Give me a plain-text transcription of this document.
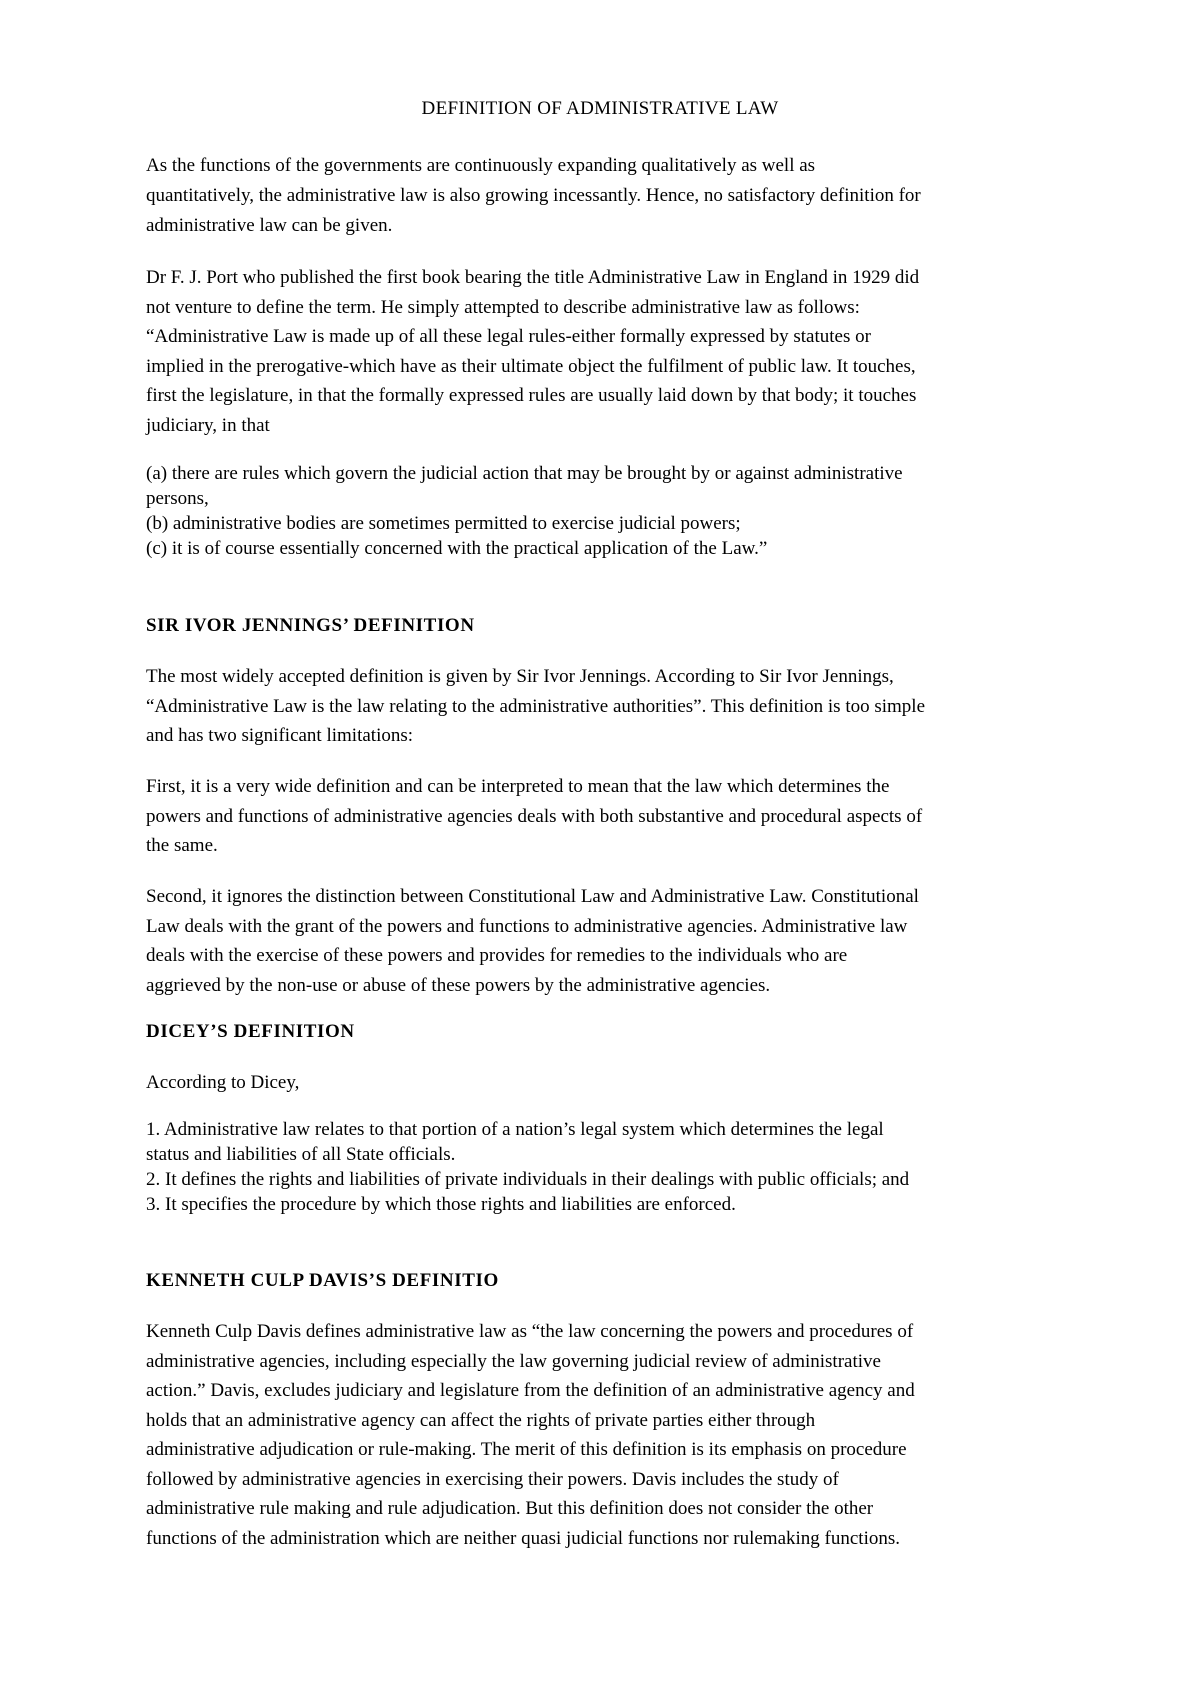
DEFINITION OF ADMINISTRATIVE LAW
As the functions of the governments are continuously expanding qualitatively as well as
quantitatively, the administrative law is also growing incessantly. Hence, no satisfactory definition for
administrative law can be given.
Dr F. J. Port who published the first book bearing the title Administrative Law in England in 1929 did
not venture to define the term. He simply attempted to describe administrative law as follows:
“Administrative Law is made up of all these legal rules-either formally expressed by statutes or
implied in the prerogative-which have as their ultimate object the fulfilment of public law. It touches,
first the legislature, in that the formally expressed rules are usually laid down by that body; it touches
judiciary, in that
(a) there are rules which govern the judicial action that may be brought by or against administrative
persons,
(b) administrative bodies are sometimes permitted to exercise judicial powers;
(c) it is of course essentially concerned with the practical application of the Law.”
SIR IVOR JENNINGS’ DEFINITION
The most widely accepted definition is given by Sir Ivor Jennings. According to Sir Ivor Jennings,
“Administrative Law is the law relating to the administrative authorities”. This definition is too simple
and has two significant limitations:
First, it is a very wide definition and can be interpreted to mean that the law which determines the
powers and functions of administrative agencies deals with both substantive and procedural aspects of
the same.
Second, it ignores the distinction between Constitutional Law and Administrative Law. Constitutional
Law deals with the grant of the powers and functions to administrative agencies. Administrative law
deals with the exercise of these powers and provides for remedies to the individuals who are
aggrieved by the non-use or abuse of these powers by the administrative agencies.
DICEY’S DEFINITION
According to Dicey,
1. Administrative law relates to that portion of a nation’s legal system which determines the legal
status and liabilities of all State officials.
2. It defines the rights and liabilities of private individuals in their dealings with public officials; and
3. It specifies the procedure by which those rights and liabilities are enforced.
KENNETH CULP DAVIS’S DEFINITIO
Kenneth Culp Davis defines administrative law as “the law concerning the powers and procedures of
administrative agencies, including especially the law governing judicial review of administrative
action.” Davis, excludes judiciary and legislature from the definition of an administrative agency and
holds that an administrative agency can affect the rights of private parties either through
administrative adjudication or rule-making. The merit of this definition is its emphasis on procedure
followed by administrative agencies in exercising their powers. Davis includes the study of
administrative rule making and rule adjudication. But this definition does not consider the other
functions of the administration which are neither quasi judicial functions nor rulemaking functions.
